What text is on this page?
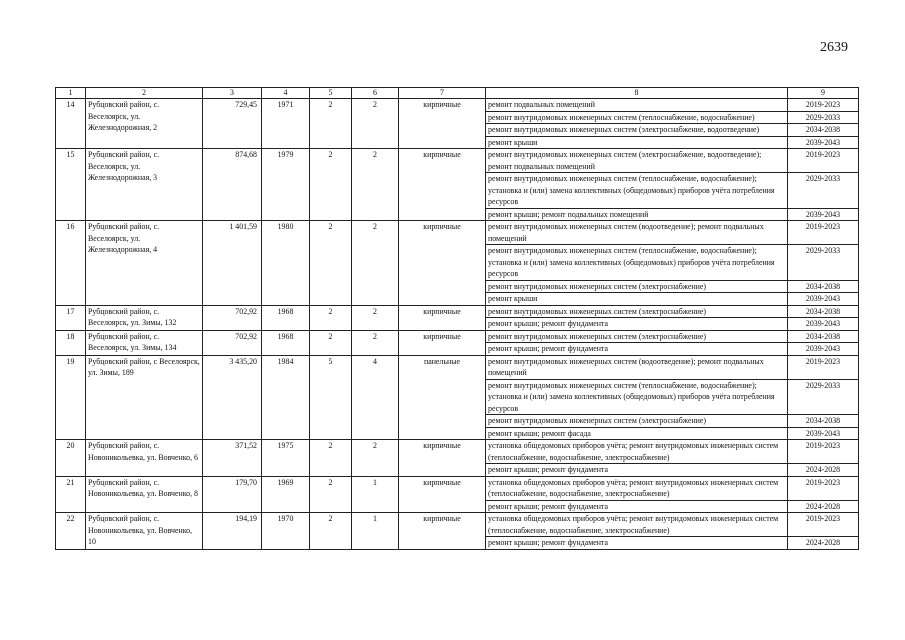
2639
1	2	3	4	5	6	7	8	9
14	Рубцовский район, с. Веселоярск, ул. Железнодорожная, 2	729,45	1971	2	2	кирпичные	ремонт подвальных помещений	2019-2023
							ремонт внутридомовых инженерных систем (теплоснабжение, водоснабжение)	2029-2033
							ремонт внутридомовых инженерных систем (электроснабжение, водоотведение)	2034-2038
							ремонт крыши	2039-2043
15	Рубцовский район, с. Веселоярск, ул. Железнодорожная, 3	874,68	1979	2	2	кирпичные	ремонт внутридомовых инженерных систем (электроснабжение, водоотведение); ремонт подвальных помещений	2019-2023
							ремонт внутридомовых инженерных систем (теплоснабжение, водоснабжение); установка и (или) замена коллективных (общедомовых) приборов учёта потребления ресурсов	2029-2033
							ремонт крыши; ремонт подвальных помещений	2039-2043
16	Рубцовский район, с. Веселоярск, ул. Железнодорожная, 4	1 401,59	1980	2	2	кирпичные	ремонт внутридомовых инженерных систем (водоотведение); ремонт подвальных помещений	2019-2023
							ремонт внутридомовых инженерных систем (теплоснабжение, водоснабжение); установка и (или) замена коллективных (общедомовых) приборов учёта потребления ресурсов	2029-2033
							ремонт внутридомовых инженерных систем (электроснабжение)	2034-2038
							ремонт крыши	2039-2043
17	Рубцовский район, с. Веселоярск, ул. Зимы, 132	702,92	1968	2	2	кирпичные	ремонт внутридомовых инженерных систем (электроснабжение)	2034-2038
							ремонт крыши; ремонт фундамента	2039-2043
18	Рубцовский район, с. Веселоярск, ул. Зимы, 134	702,92	1968	2	2	кирпичные	ремонт внутридомовых инженерных систем (электроснабжение)	2034-2038
							ремонт крыши; ремонт фундамента	2039-2043
19	Рубцовский район, с Веселоярск, ул. Зимы, 189	3 435,20	1984	5	4	панельные	ремонт внутридомовых инженерных систем (водоотведение); ремонт подвальных помещений	2019-2023
							ремонт внутридомовых инженерных систем (теплоснабжение, водоснабжение); установка и (или) замена коллективных (общедомовых) приборов учёта потребления ресурсов	2029-2033
							ремонт внутридомовых инженерных систем (электроснабжение)	2034-2038
							ремонт крыши; ремонт фасада	2039-2043
20	Рубцовский район, с. Новоникольевка, ул. Вовченко, 6	371,52	1975	2	2	кирпичные	установка общедомовых приборов учёта; ремонт внутридомовых инженерных систем (теплоснабжение, водоснабжение, электроснабжение)	2019-2023
							ремонт крыши; ремонт фундамента	2024-2028
21	Рубцовский район, с. Новоникольевка, ул. Вовченко, 8	179,70	1969	2	1	кирпичные	установка общедомовых приборов учёта; ремонт внутридомовых инженерных систем (теплоснабжение, водоснабжение, электроснабжение)	2019-2023
							ремонт крыши; ремонт фундамента	2024-2028
22	Рубцовский район, с. Новоникольевка, ул. Вовченко, 10	194,19	1970	2	1	кирпичные	установка общедомовых приборов учёта; ремонт внутридомовых инженерных систем (теплоснабжение, водоснабжение, электроснабжение)	2019-2023
							ремонт крыши; ремонт фундамента	2024-2028
